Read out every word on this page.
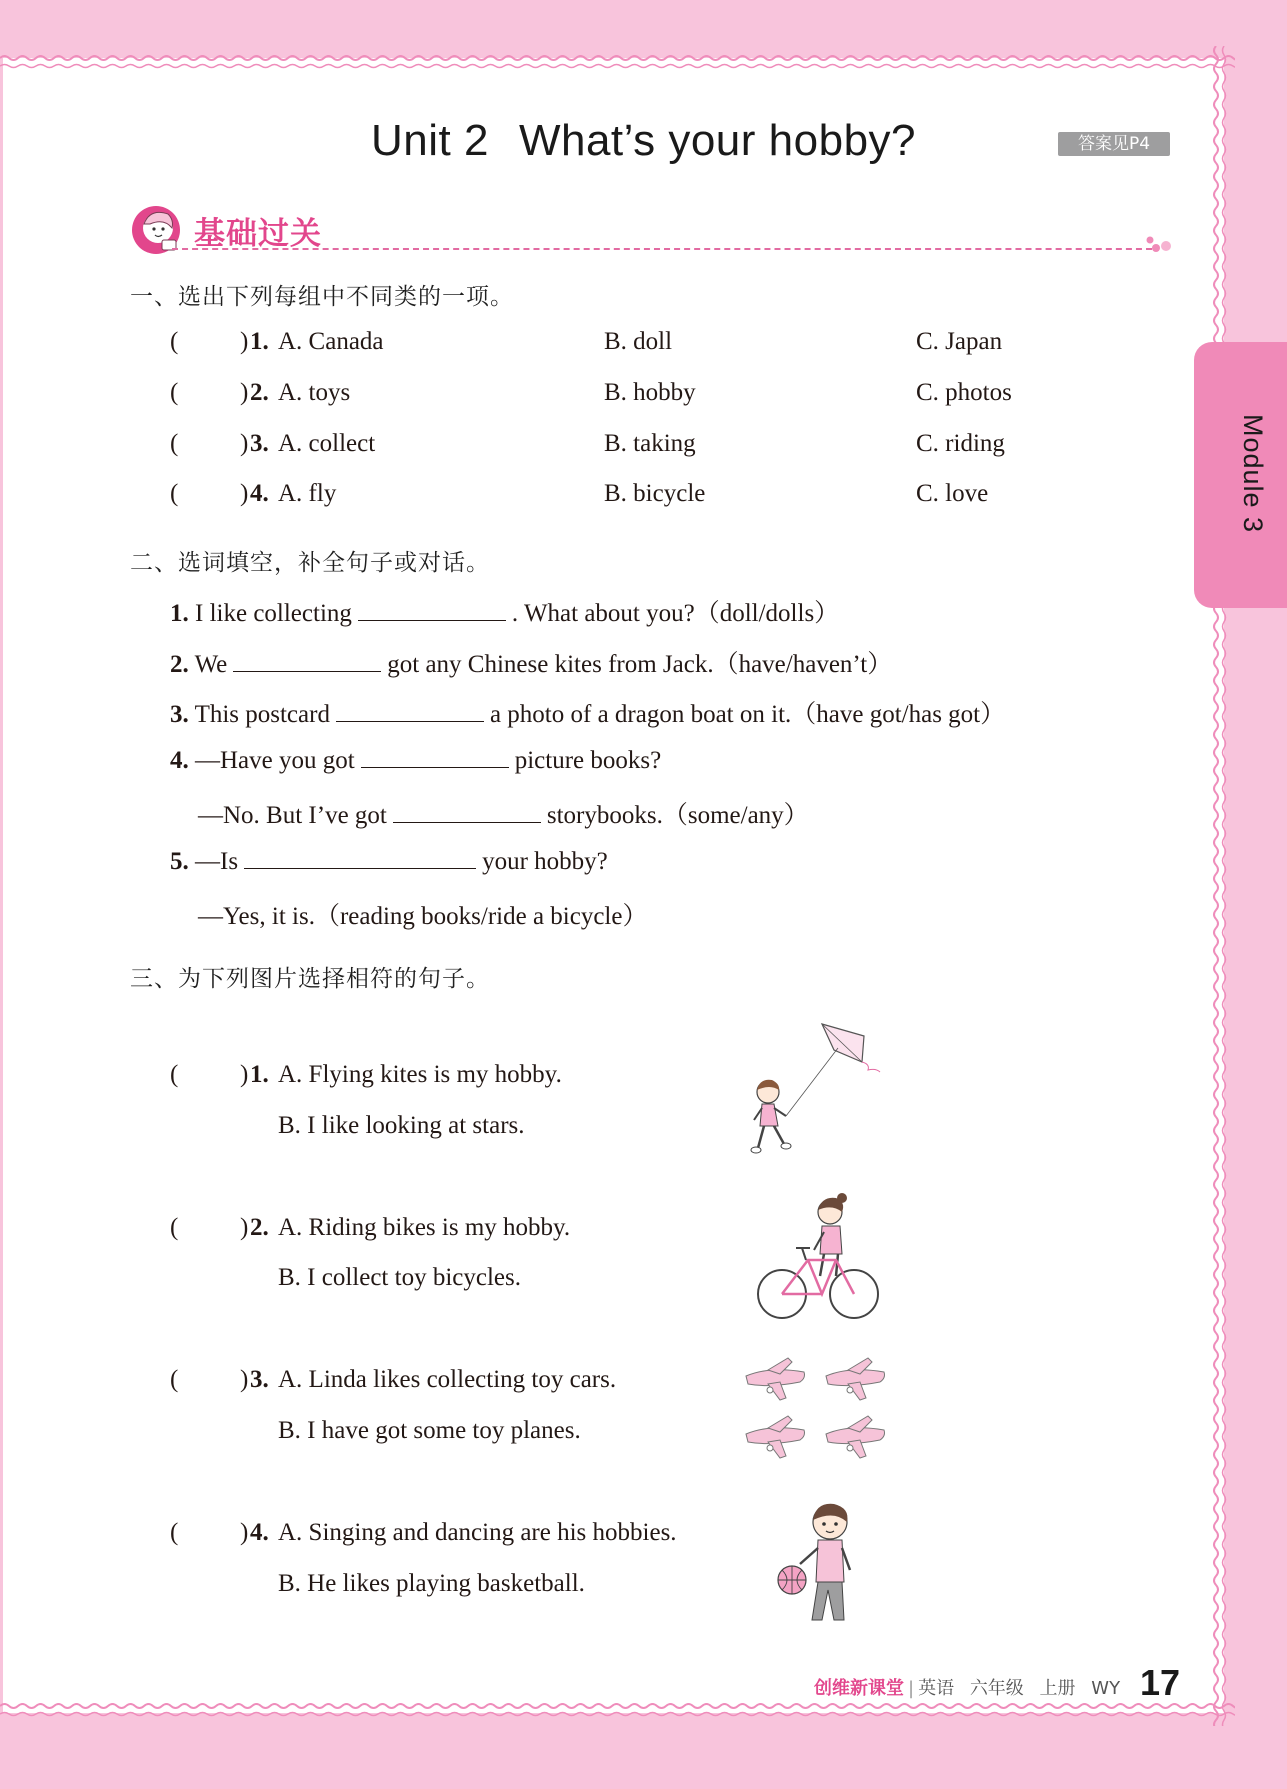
Unit 2 What’s your hobby?	答案见P4
基础过关
Module 3
一、选出下列每组中不同类的一项。
( ) 1. A. Canada	B. doll	C. Japan
( ) 2. A. toys	B. hobby	C. photos
( ) 3. A. collect	B. taking	C. riding
( ) 4. A. fly	B. bicycle	C. love
二、选词填空，补全句子或对话。
1. I like collecting	. What about you?（doll/dolls）
2. We	got any Chinese kites from Jack.（have/haven’t）
3. This postcard	a photo of a dragon boat on it.（have got/has got）
4. —Have you got	picture books?
—No. But I’ve got	storybooks.（some/any）
5. —Is	your hobby?
—Yes, it is.（reading books/ride a bicycle）
三、为下列图片选择相符的句子。
( ) 1. A. Flying kites is my hobby.
B. I like looking at stars.
( ) 2. A. Riding bikes is my hobby.
B. I collect toy bicycles.
( ) 3. A. Linda likes collecting toy cars.
B. I have got some toy planes.
( ) 4. A. Singing and dancing are his hobbies.
B. He likes playing basketball.
创维新课堂 | 英语 六年级 上册 WY 17
